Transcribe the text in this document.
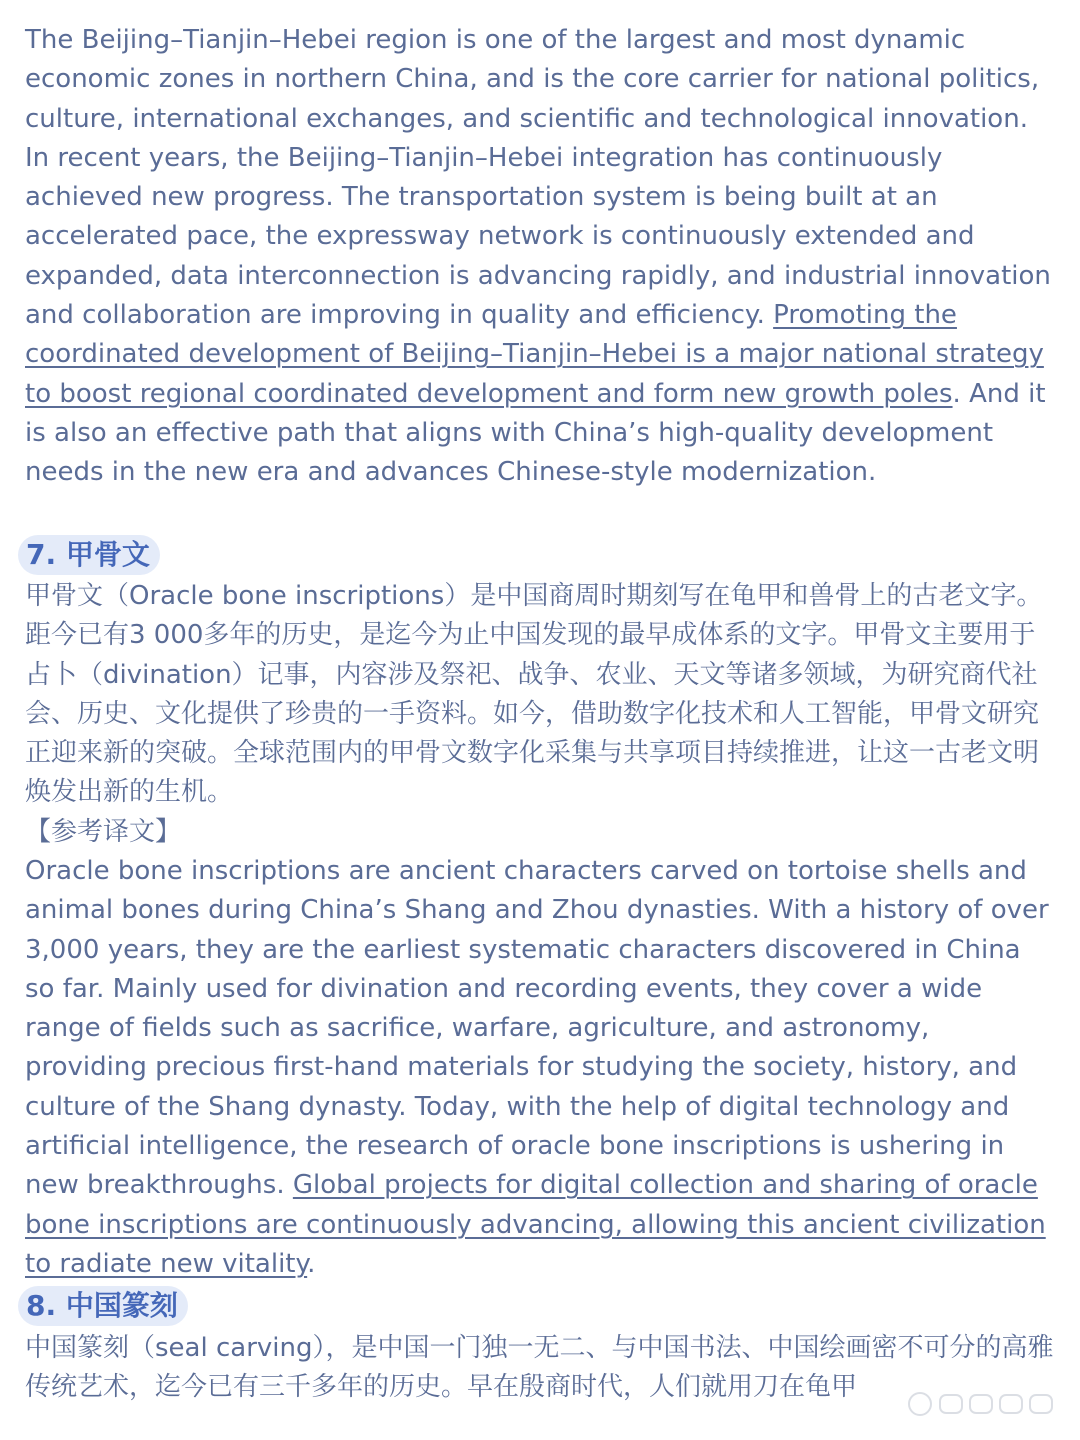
The Beijing–Tianjin–Hebei region is one of the largest and most dynamic economic zones in northern China, and is the core carrier for national politics, culture, international exchanges, and scientific and technological innovation. In recent years, the Beijing–Tianjin–Hebei integration has continuously achieved new progress. The transportation system is being built at an accelerated pace, the expressway network is continuously extended and expanded, data interconnection is advancing rapidly, and industrial innovation and collaboration are improving in quality and efficiency. Promoting the coordinated development of Beijing–Tianjin–Hebei is a major national strategy to boost regional coordinated development and form new growth poles. And it is also an effective path that aligns with China’s high-quality development needs in the new era and advances Chinese-style modernization.

7. 甲骨文

甲骨文（Oracle bone inscriptions）是中国商周时期刻写在龟甲和兽骨上的古老文字。距今已有3 000多年的历史，是迄今为止中国发现的最早成体系的文字。甲骨文主要用于占卜（divination）记事，内容涉及祭祀、战争、农业、天文等诸多领域，为研究商代社会、历史、文化提供了珍贵的一手资料。如今，借助数字化技术和人工智能，甲骨文研究正迎来新的突破。全球范围内的甲骨文数字化采集与共享项目持续推进，让这一古老文明焕发出新的生机。

【参考译文】

Oracle bone inscriptions are ancient characters carved on tortoise shells and animal bones during China’s Shang and Zhou dynasties. With a history of over 3,000 years, they are the earliest systematic characters discovered in China so far. Mainly used for divination and recording events, they cover a wide range of fields such as sacrifice, warfare, agriculture, and astronomy, providing precious first-hand materials for studying the society, history, and culture of the Shang dynasty. Today, with the help of digital technology and artificial intelligence, the research of oracle bone inscriptions is ushering in new breakthroughs. Global projects for digital collection and sharing of oracle bone inscriptions are continuously advancing, allowing this ancient civilization to radiate new vitality.

8. 中国篆刻

中国篆刻（seal carving），是中国一门独一无二、与中国书法、中国绘画密不可分的高雅传统艺术，迄今已有三千多年的历史。早在殷商时代，人们就用刀在龟甲
